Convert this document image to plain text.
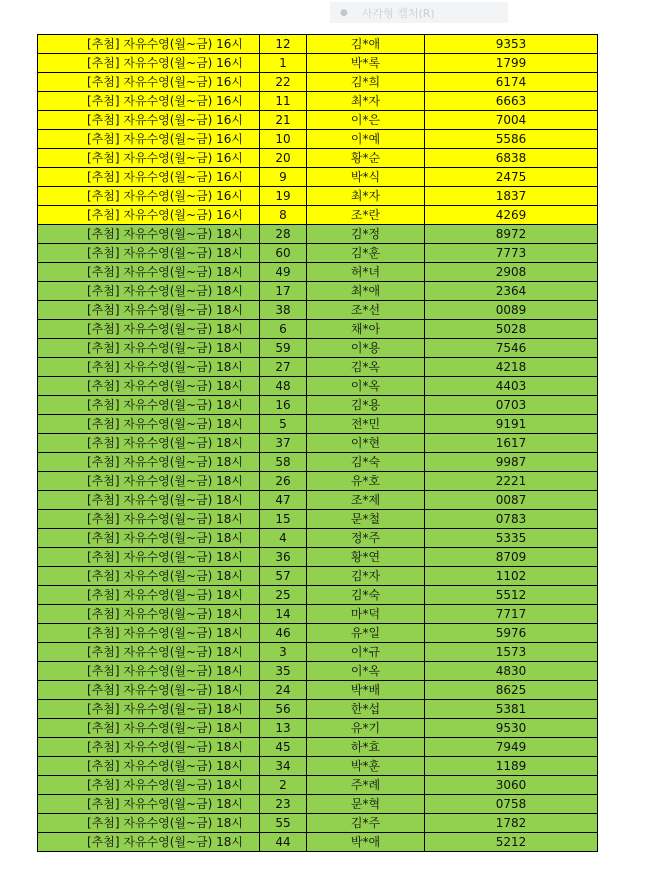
● 사각형 캡처(R)
[추첨] 자유수영(월~금) 16시	12	김*애	9353
[추첨] 자유수영(월~금) 16시	1	박*록	1799
[추첨] 자유수영(월~금) 16시	22	김*희	6174
[추첨] 자유수영(월~금) 16시	11	최*자	6663
[추첨] 자유수영(월~금) 16시	21	이*은	7004
[추첨] 자유수영(월~금) 16시	10	이*예	5586
[추첨] 자유수영(월~금) 16시	20	황*순	6838
[추첨] 자유수영(월~금) 16시	9	박*식	2475
[추첨] 자유수영(월~금) 16시	19	최*자	1837
[추첨] 자유수영(월~금) 16시	8	조*란	4269
[추첨] 자유수영(월~금) 18시	28	김*정	8972
[추첨] 자유수영(월~금) 18시	60	김*훈	7773
[추첨] 자유수영(월~금) 18시	49	허*녀	2908
[추첨] 자유수영(월~금) 18시	17	최*애	2364
[추첨] 자유수영(월~금) 18시	38	조*선	0089
[추첨] 자유수영(월~금) 18시	6	채*아	5028
[추첨] 자유수영(월~금) 18시	59	이*용	7546
[추첨] 자유수영(월~금) 18시	27	김*옥	4218
[추첨] 자유수영(월~금) 18시	48	이*옥	4403
[추첨] 자유수영(월~금) 18시	16	김*용	0703
[추첨] 자유수영(월~금) 18시	5	전*민	9191
[추첨] 자유수영(월~금) 18시	37	이*현	1617
[추첨] 자유수영(월~금) 18시	58	김*숙	9987
[추첨] 자유수영(월~금) 18시	26	유*호	2221
[추첨] 자유수영(월~금) 18시	47	조*제	0087
[추첨] 자유수영(월~금) 18시	15	문*철	0783
[추첨] 자유수영(월~금) 18시	4	정*주	5335
[추첨] 자유수영(월~금) 18시	36	황*연	8709
[추첨] 자유수영(월~금) 18시	57	김*자	1102
[추첨] 자유수영(월~금) 18시	25	김*숙	5512
[추첨] 자유수영(월~금) 18시	14	마*덕	7717
[추첨] 자유수영(월~금) 18시	46	유*일	5976
[추첨] 자유수영(월~금) 18시	3	이*규	1573
[추첨] 자유수영(월~금) 18시	35	이*옥	4830
[추첨] 자유수영(월~금) 18시	24	박*배	8625
[추첨] 자유수영(월~금) 18시	56	한*섭	5381
[추첨] 자유수영(월~금) 18시	13	유*기	9530
[추첨] 자유수영(월~금) 18시	45	하*효	7949
[추첨] 자유수영(월~금) 18시	34	박*훈	1189
[추첨] 자유수영(월~금) 18시	2	주*례	3060
[추첨] 자유수영(월~금) 18시	23	문*혁	0758
[추첨] 자유수영(월~금) 18시	55	김*주	1782
[추첨] 자유수영(월~금) 18시	44	박*애	5212
